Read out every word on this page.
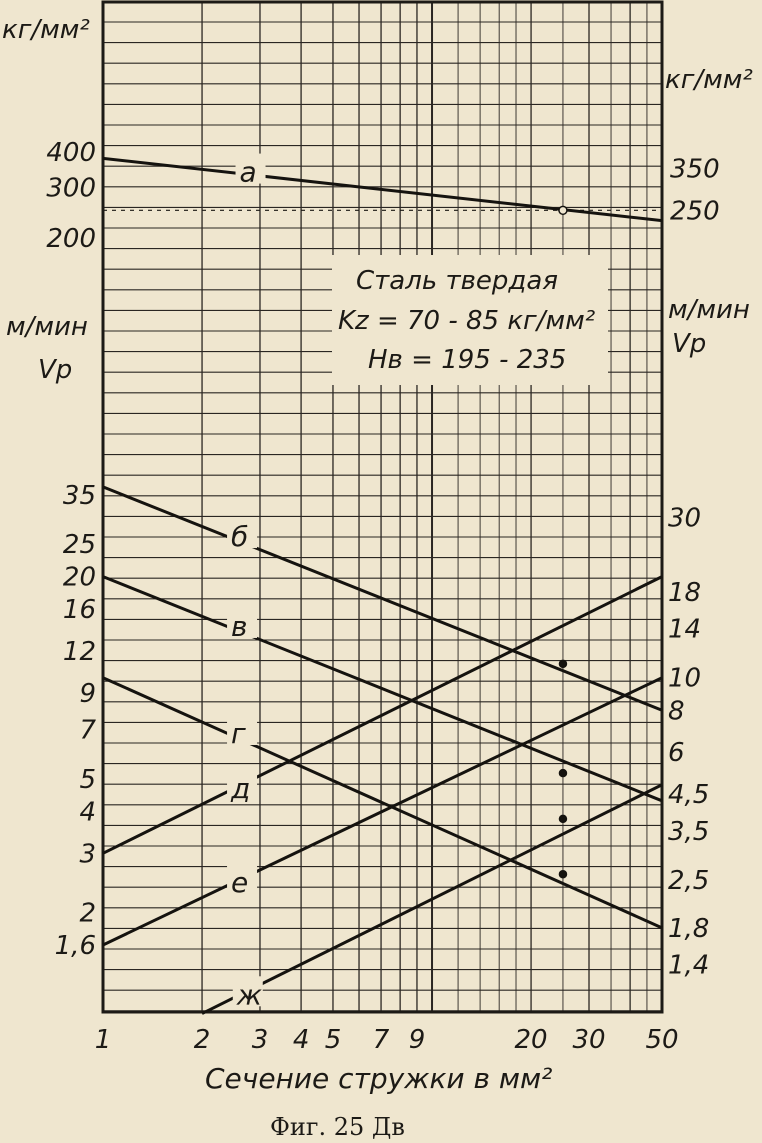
а
б
в
г
д
е
ж
1	2 3 4 5 7 9	20 30 50
400
300
200
35
25
20
16
12
9
7
5
4
3
2
1,6
350
250
30
18
14
10
8
6
4,5
3,5
2,5
1,8
1,4
кг/мм²
кг/мм²
м/мин
Vр
м/мин
Vр
Сталь твердая
Kz = 70 - 85 кг/мм²
Hв = 195 - 235
Сечение стружки в мм²
Фиг. 25 Дв
